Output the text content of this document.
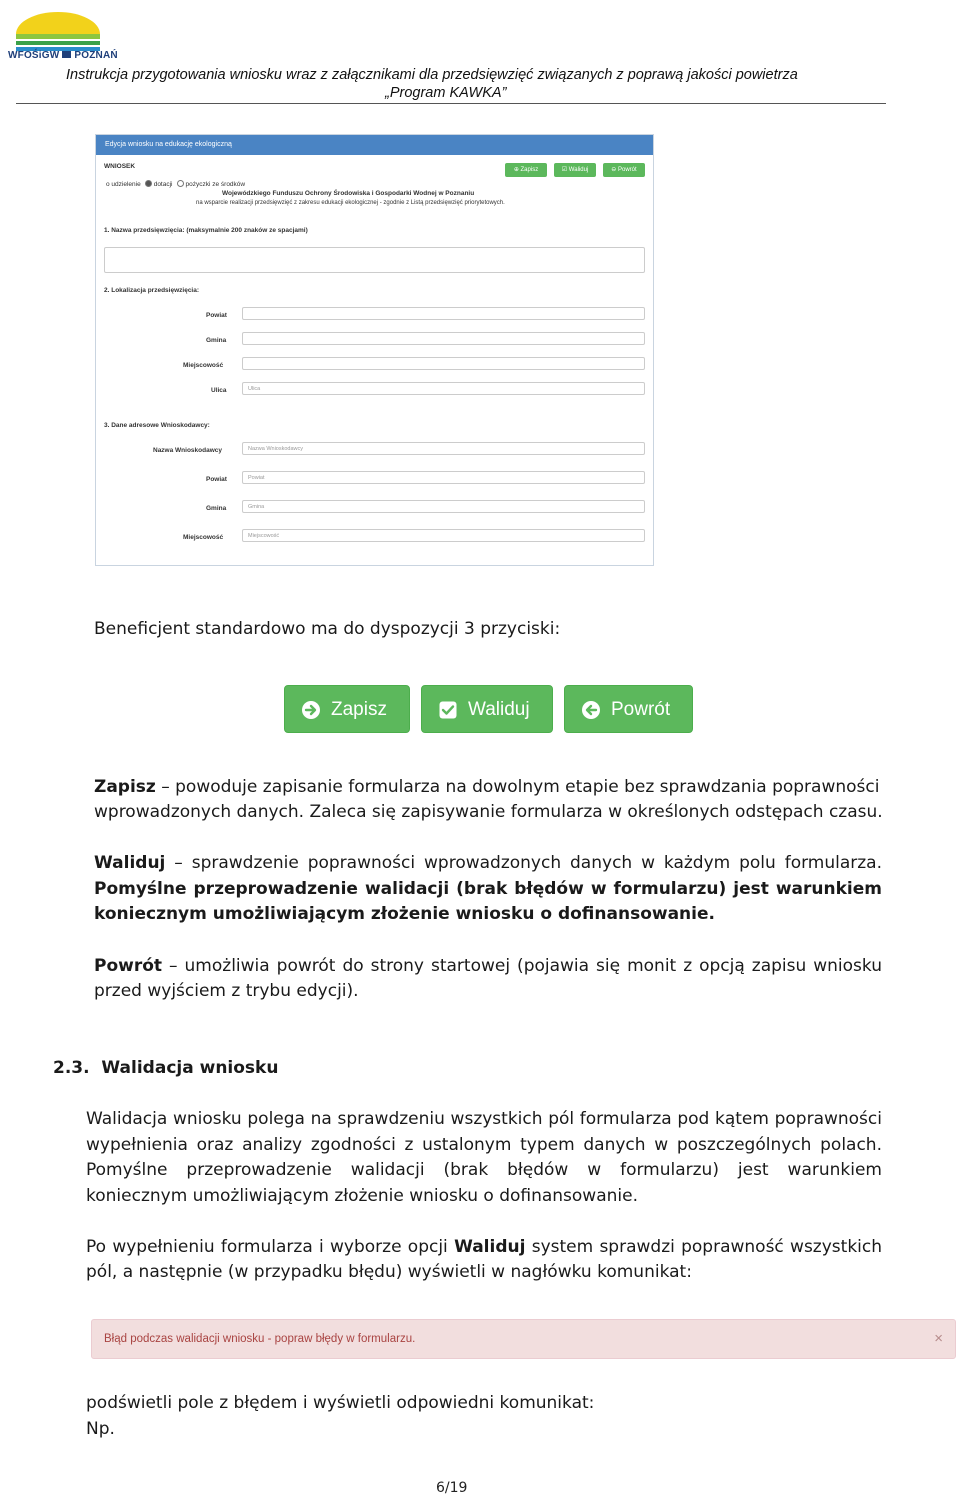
WFOŚiGW POZNAŃ
Instrukcja przygotowania wniosku wraz z załącznikami dla przedsięwzięć związanych z poprawą jakości powietrza
„Program KAWKA”
Edycja wniosku na edukację ekologiczną
WNIOSEK	⊕ Zapisz	☑ Waliduj	⊖ Powrót
o udzielenie dotacji pożyczki ze środków
Wojewódzkiego Funduszu Ochrony Środowiska i Gospodarki Wodnej w Poznaniu
na wsparcie realizacji przedsięwzięć z zakresu edukacji ekologicznej - zgodnie z Listą przedsięwzięć priorytetowych.
1. Nazwa przedsięwzięcia: (maksymalnie 200 znaków ze spacjami)
2. Lokalizacja przedsięwzięcia:
Powiat
Gmina
Miejscowość
Ulica	Ulica
3. Dane adresowe Wnioskodawcy:
Nazwa Wnioskodawcy	Nazwa Wnioskodawcy
Powiat	Powiat
Gmina	Gmina
Miejscowość	Miejscowość
Beneficjent standardowo ma do dyspozycji 3 przyciski:
Zapisz	Waliduj	Powrót
Zapisz – powoduje zapisanie formularza na dowolnym etapie bez sprawdzania poprawności
wprowadzonych danych. Zaleca się zapisywanie formularza w określonych odstępach czasu.
Waliduj – sprawdzenie poprawności wprowadzonych danych w każdym polu formularza.
Pomyślne przeprowadzenie walidacji (brak błędów w formularzu) jest warunkiem
koniecznym umożliwiającym złożenie wniosku o dofinansowanie.
Powrót – umożliwia powrót do strony startowej (pojawia się monit z opcją zapisu wniosku
przed wyjściem z trybu edycji).
2.3.  Walidacja wniosku
Walidacja wniosku polega na sprawdzeniu wszystkich pól formularza pod kątem poprawności
wypełnienia oraz analizy zgodności z ustalonym typem danych w poszczególnych polach.
Pomyślne przeprowadzenie walidacji (brak błędów w formularzu) jest warunkiem
koniecznym umożliwiającym złożenie wniosku o dofinansowanie.
Po wypełnieniu formularza i wyborze opcji Waliduj system sprawdzi poprawność wszystkich
pól, a następnie (w przypadku błędu) wyświetli w nagłówku komunikat:
Błąd podczas walidacji wniosku - popraw błędy w formularzu.	×
podświetli pole z błędem i wyświetli odpowiedni komunikat:
Np.
6/19
